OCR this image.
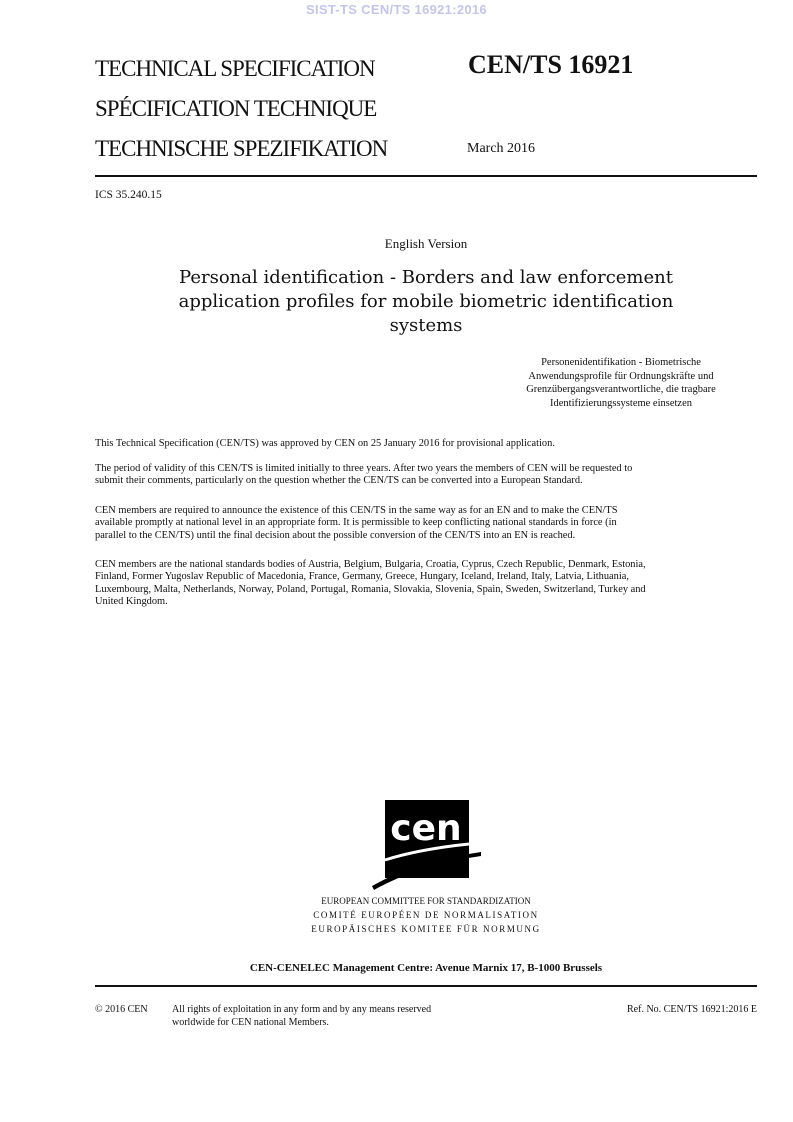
SIST-TS CEN/TS 16921:2016
TECHNICAL SPECIFICATION
SPÉCIFICATION TECHNIQUE
TECHNISCHE SPEZIFIKATION
CEN/TS 16921
March 2016
ICS 35.240.15
English Version
Personal identification - Borders and law enforcement
application profiles for mobile biometric identification
systems
Personenidentifikation - Biometrische
Anwendungsprofile für Ordnungskräfte und
Grenzübergangsverantwortliche, die tragbare
Identifizierungssysteme einsetzen
This Technical Specification (CEN/TS) was approved by CEN on 25 January 2016 for provisional application.
The period of validity of this CEN/TS is limited initially to three years. After two years the members of CEN will be requested to
submit their comments, particularly on the question whether the CEN/TS can be converted into a European Standard.
CEN members are required to announce the existence of this CEN/TS in the same way as for an EN and to make the CEN/TS
available promptly at national level in an appropriate form. It is permissible to keep conflicting national standards in force (in
parallel to the CEN/TS) until the final decision about the possible conversion of the CEN/TS into an EN is reached.
CEN members are the national standards bodies of Austria, Belgium, Bulgaria, Croatia, Cyprus, Czech Republic, Denmark, Estonia,
Finland, Former Yugoslav Republic of Macedonia, France, Germany, Greece, Hungary, Iceland, Ireland, Italy, Latvia, Lithuania,
Luxembourg, Malta, Netherlands, Norway, Poland, Portugal, Romania, Slovakia, Slovenia, Spain, Sweden, Switzerland, Turkey and
United Kingdom.
cen
EUROPEAN COMMITTEE FOR STANDARDIZATION
COMITÉ EUROPÉEN DE NORMALISATION
EUROPÄISCHES KOMITEE FÜR NORMUNG
CEN-CENELEC Management Centre: Avenue Marnix 17, B-1000 Brussels
© 2016 CEN All rights of exploitation in any form and by any means reserved
worldwide for CEN national Members.
Ref. No. CEN/TS 16921:2016 E
